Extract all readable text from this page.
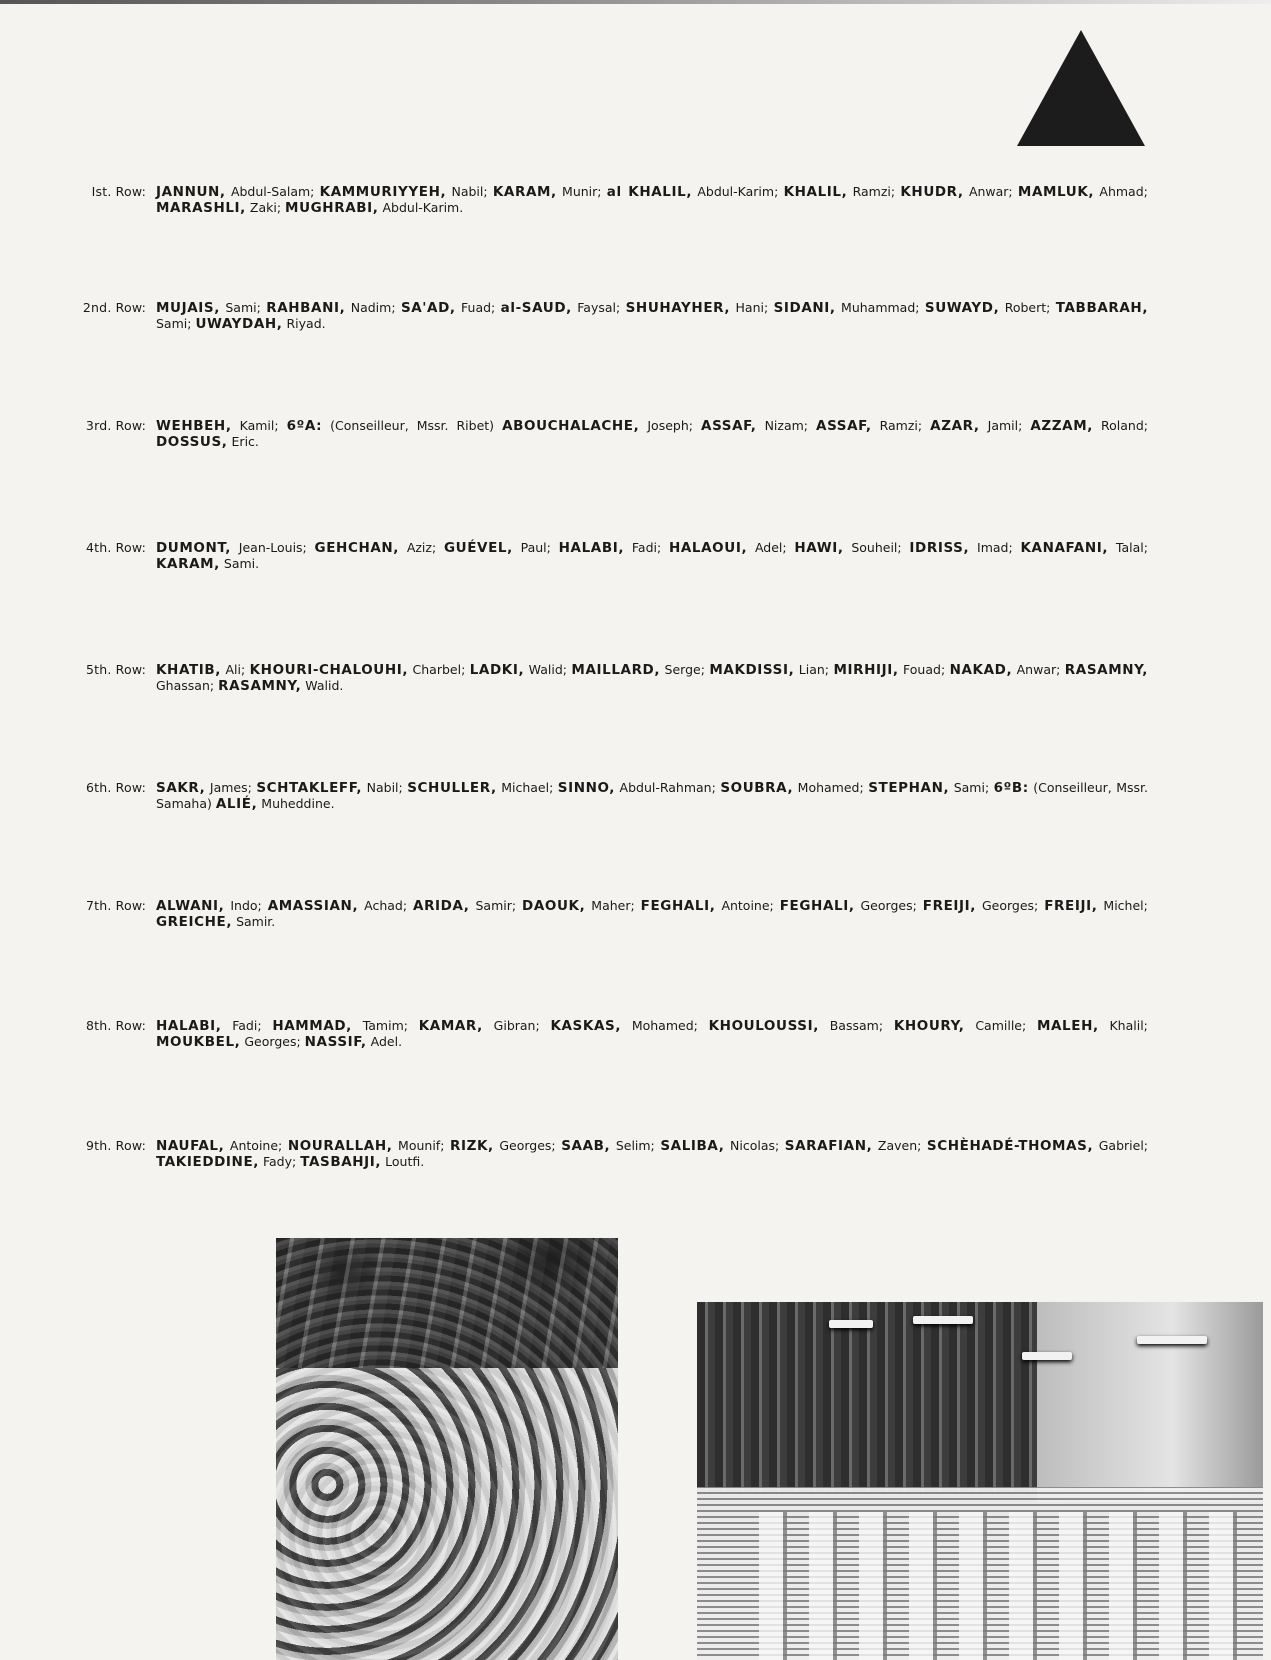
Ist. Row: JANNUN, Abdul-Salam; KAMMURIYYEH, Nabil; KARAM, Munir; al KHALIL, Abdul-Karim; KHALIL, Ramzi; KHUDR, Anwar; MAMLUK, Ahmad; MARASHLI, Zaki; MUGHRABI, Abdul-Karim.
2nd. Row: MUJAIS, Sami; RAHBANI, Nadim; SA'AD, Fuad; al-SAUD, Faysal; SHUHAYHER, Hani; SIDANI, Muhammad; SUWAYD, Robert; TABBARAH, Sami; UWAYDAH, Riyad.
3rd. Row: WEHBEH, Kamil; 6ºA: (Conseilleur, Mssr. Ribet) ABOUCHALACHE, Joseph; ASSAF, Nizam; ASSAF, Ramzi; AZAR, Jamil; AZZAM, Roland; DOSSUS, Eric.
4th. Row: DUMONT, Jean-Louis; GEHCHAN, Aziz; GUÉVEL, Paul; HALABI, Fadi; HALAOUI, Adel; HAWI, Souheil; IDRISS, Imad; KANAFANI, Talal; KARAM, Sami.
5th. Row: KHATIB, Ali; KHOURI-CHALOUHI, Charbel; LADKI, Walid; MAILLARD, Serge; MAKDISSI, Lian; MIRHIJI, Fouad; NAKAD, Anwar; RASAMNY, Ghassan; RASAMNY, Walid.
6th. Row: SAKR, James; SCHTAKLEFF, Nabil; SCHULLER, Michael; SINNO, Abdul-Rahman; SOUBRA, Mohamed; STEPHAN, Sami; 6ºB: (Conseilleur, Mssr. Samaha) ALIÉ, Muheddine.
7th. Row: ALWANI, Indo; AMASSIAN, Achad; ARIDA, Samir; DAOUK, Maher; FEGHALI, Antoine; FEGHALI, Georges; FREIJI, Georges; FREIJI, Michel; GREICHE, Samir.
8th. Row: HALABI, Fadi; HAMMAD, Tamim; KAMAR, Gibran; KASKAS, Mohamed; KHOULOUSSI, Bassam; KHOURY, Camille; MALEH, Khalil; MOUKBEL, Georges; NASSIF, Adel.
9th. Row: NAUFAL, Antoine; NOURALLAH, Mounif; RIZK, Georges; SAAB, Selim; SALIBA, Nicolas; SARAFIAN, Zaven; SCHÈHADÉ-THOMAS, Gabriel; TAKIEDDINE, Fady; TASBAHJI, Loutfi.
